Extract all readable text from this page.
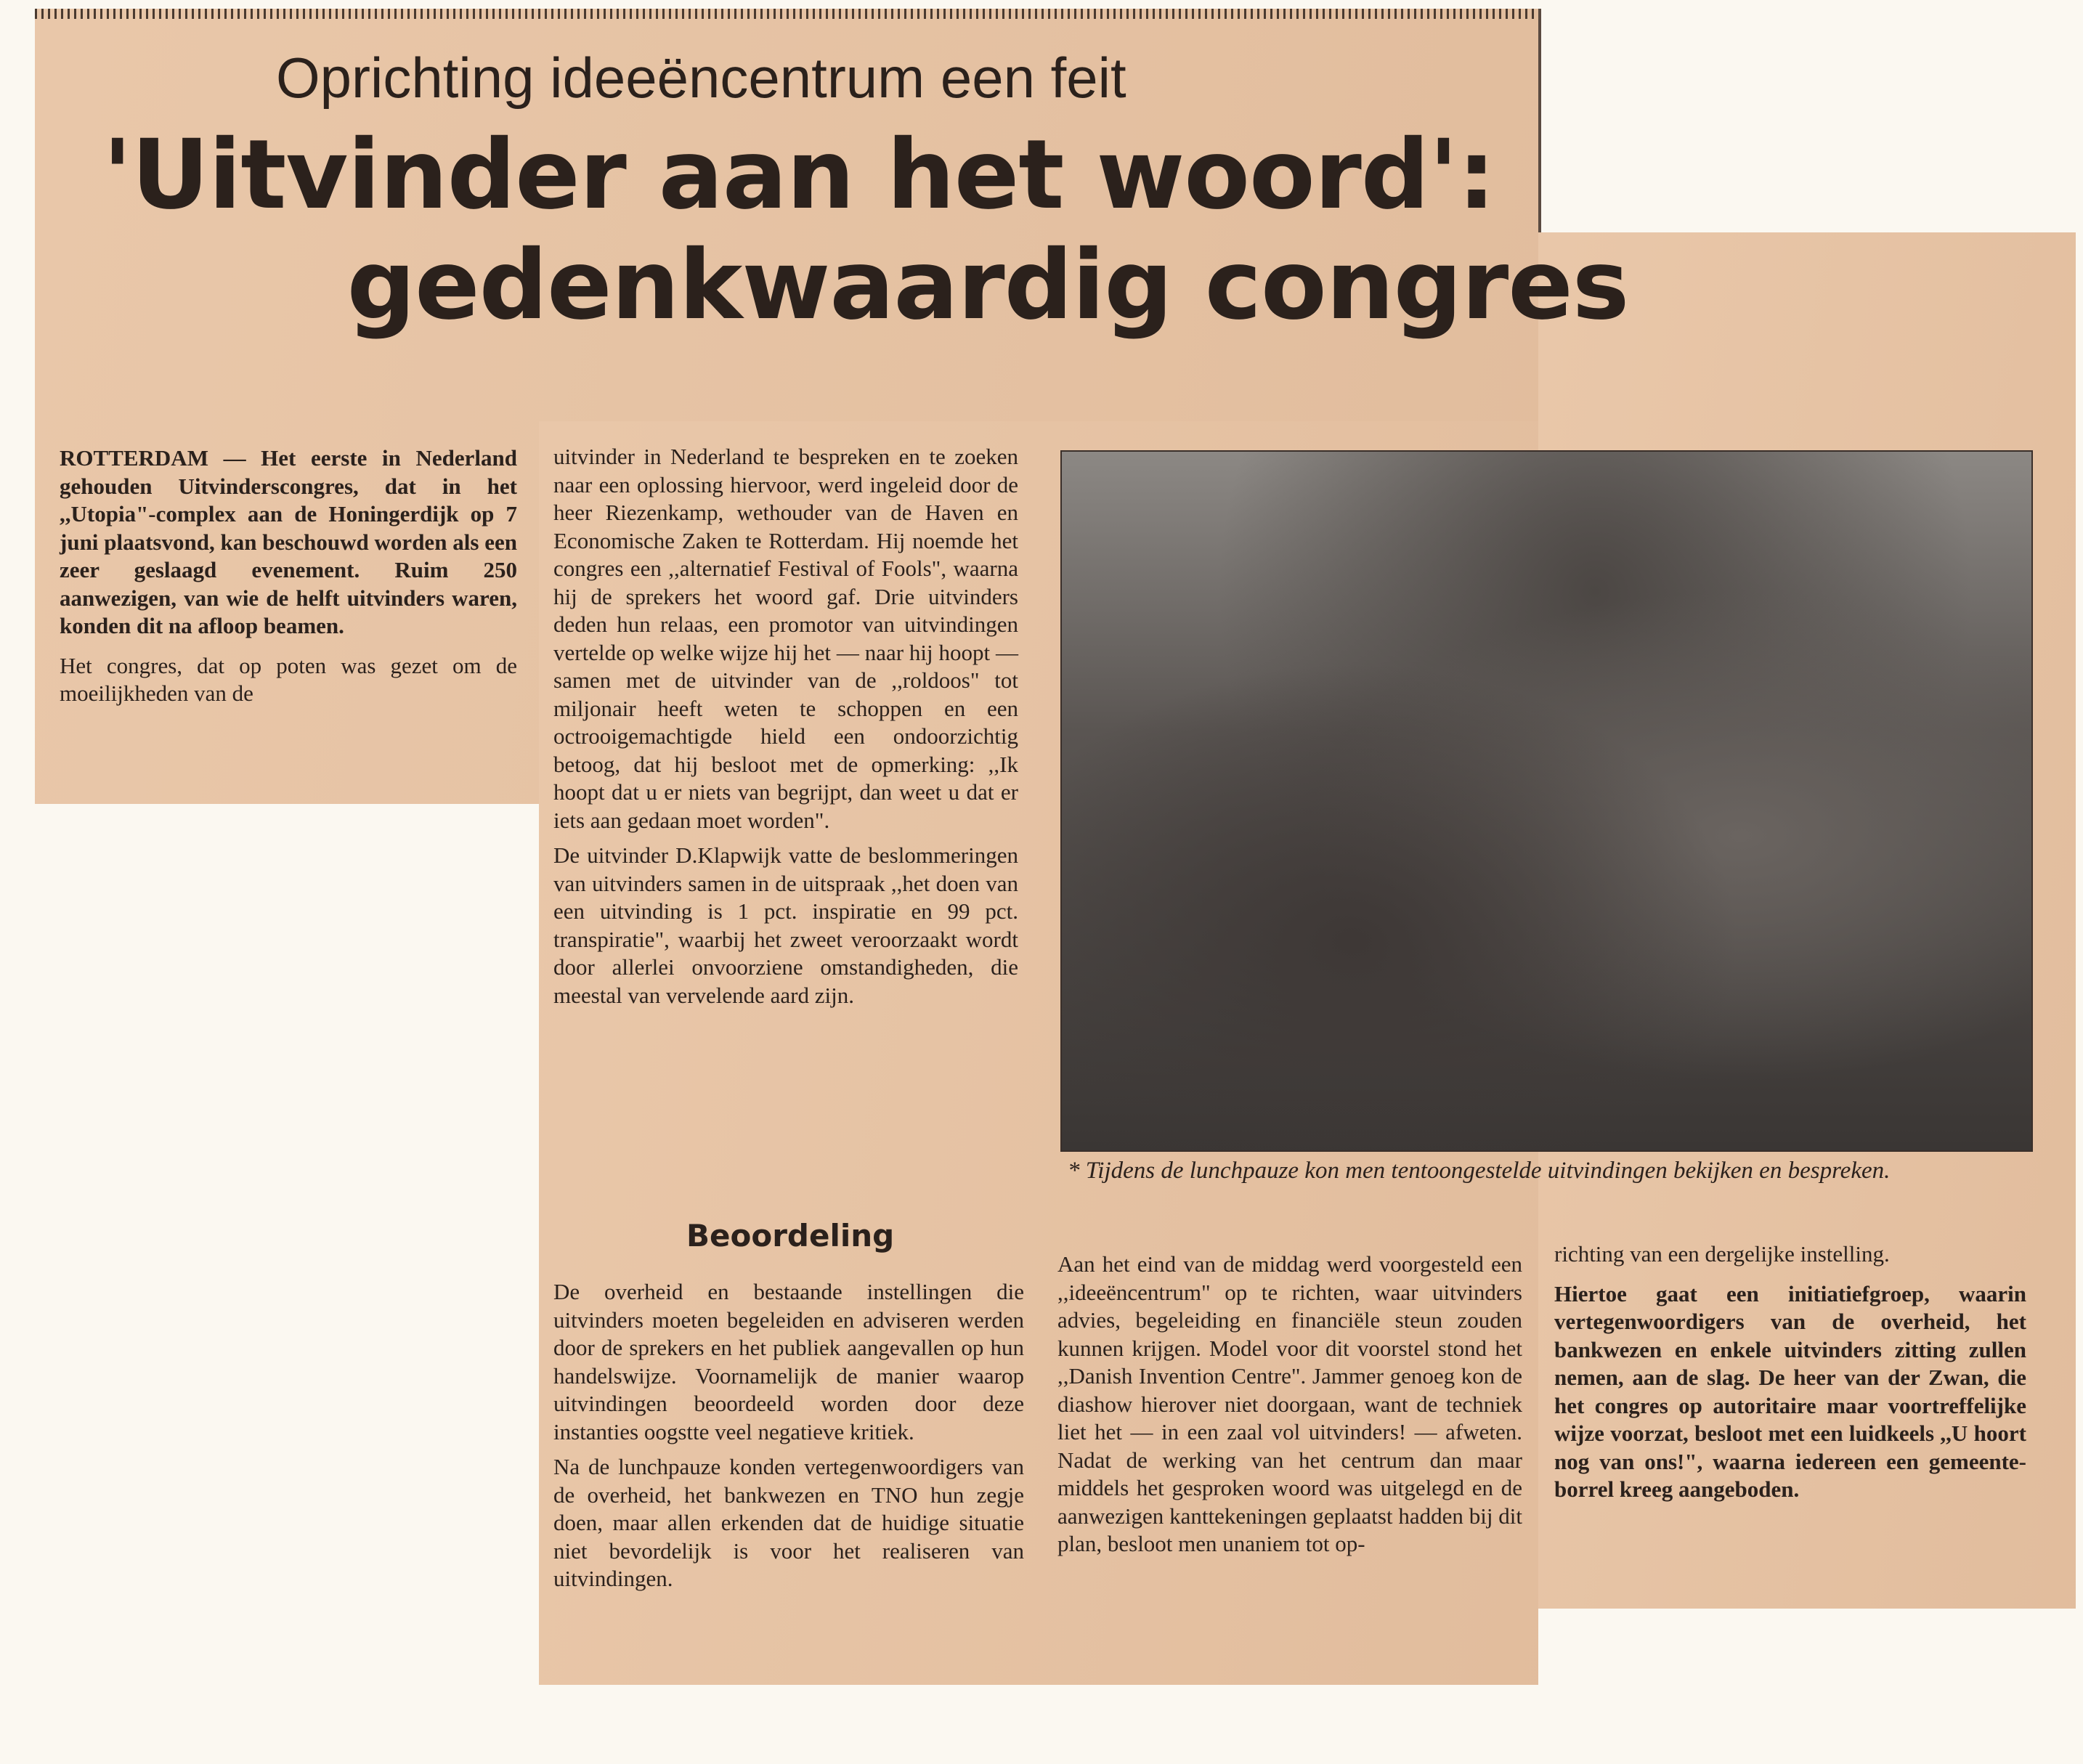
Oprichting ideeëncentrum een feit
'Uitvinder aan het woord':
gedenkwaardig congres

ROTTERDAM — Het eerste in Nederland gehouden Uitvinderscongres, dat in het ,,Utopia"-complex aan de Honingerdijk op 7 juni plaatsvond, kan beschouwd worden als een zeer geslaagd evenement. Ruim 250 aanwezigen, van wie de helft uitvinders waren, konden dit na afloop beamen.

Het congres, dat op poten was gezet om de moeilijkheden van de

uitvinder in Nederland te bespreken en te zoeken naar een oplossing hiervoor, werd ingeleid door de heer Riezenkamp, wethouder van de Haven en Economische Zaken te Rotterdam. Hij noemde het congres een ,,alternatief Festival of Fools", waarna hij de sprekers het woord gaf. Drie uitvinders deden hun relaas, een promotor van uitvindingen vertelde op welke wijze hij het — naar hij hoopt — samen met de uitvinder van de ,,roldoos" tot miljonair heeft weten te schoppen en een octrooigemachtigde hield een ondoorzichtig betoog, dat hij besloot met de opmerking: ,,Ik hoopt dat u er niets van begrijpt, dan weet u dat er iets aan gedaan moet worden".

De uitvinder D.Klapwijk vatte de beslommeringen van uitvinders samen in de uitspraak ,,het doen van een uitvinding is 1 pct. inspiratie en 99 pct. transpiratie", waarbij het zweet veroorzaakt wordt door allerlei onvoorziene omstandigheden, die meestal van vervelende aard zijn.

Beoordeling

De overheid en bestaande instellingen die uitvinders moeten begeleiden en adviseren werden door de sprekers en het publiek aangevallen op hun handelswijze. Voornamelijk de manier waarop uitvindingen beoordeeld worden door deze instanties oogstte veel negatieve kritiek.

Na de lunchpauze konden vertegenwoordigers van de overheid, het bankwezen en TNO hun zegje doen, maar allen erkenden dat de huidige situatie niet bevordelijk is voor het realiseren van uitvindingen.

* Tijdens de lunchpauze kon men tentoongestelde uitvindingen bekijken en bespreken.

Aan het eind van de middag werd voorgesteld een ,,ideeëncentrum" op te richten, waar uitvinders advies, begeleiding en financiële steun zouden kunnen krijgen. Model voor dit voorstel stond het ,,Danish Invention Centre". Jammer genoeg kon de diashow hierover niet doorgaan, want de techniek liet het — in een zaal vol uitvinders! — afweten. Nadat de werking van het centrum dan maar middels het gesproken woord was uitgelegd en de aanwezigen kanttekeningen geplaatst hadden bij dit plan, besloot men unaniem tot op-

richting van een dergelijke instelling.

Hiertoe gaat een initiatiefgroep, waarin vertegenwoordigers van de overheid, het bankwezen en enkele uitvinders zitting zullen nemen, aan de slag. De heer van der Zwan, die het congres op autoritaire maar voortreffelijke wijze voorzat, besloot met een luidkeels ,,U hoort nog van ons!", waarna iedereen een gemeente-borrel kreeg aangeboden.
